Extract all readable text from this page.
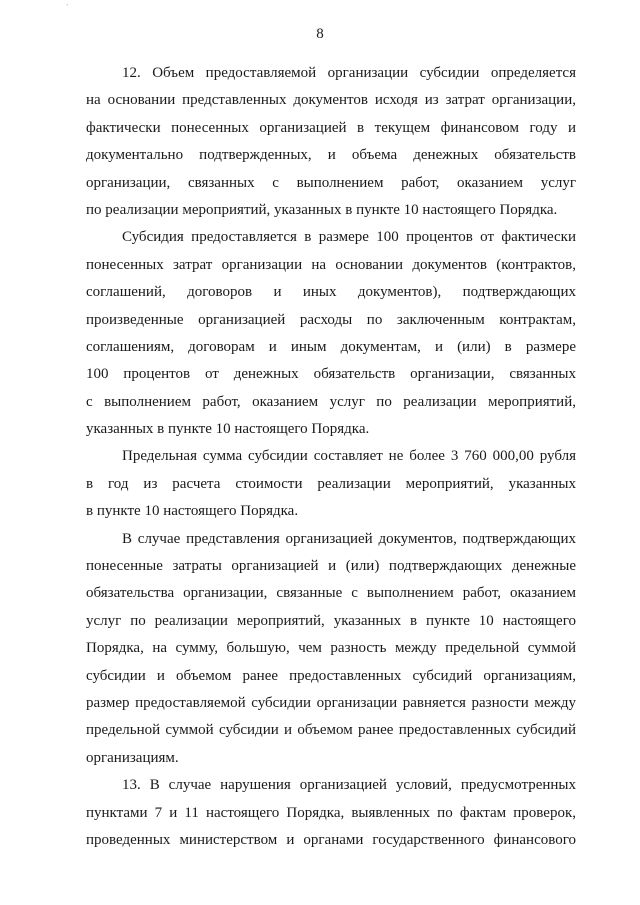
`
8
12. Объем предоставляемой организации субсидии определяется
на основании представленных документов исходя из затрат организации,
фактически понесенных организацией в текущем финансовом году и
документально подтвержденных, и объема денежных обязательств
организации, связанных с выполнением работ, оказанием услуг
по реализации мероприятий, указанных в пункте 10 настоящего Порядка.
Субсидия предоставляется в размере 100 процентов от фактически
понесенных затрат организации на основании документов (контрактов,
соглашений, договоров и иных документов), подтверждающих
произведенные организацией расходы по заключенным контрактам,
соглашениям, договорам и иным документам, и (или) в размере
100 процентов от денежных обязательств организации, связанных
с выполнением работ, оказанием услуг по реализации мероприятий,
указанных в пункте 10 настоящего Порядка.
Предельная сумма субсидии составляет не более 3 760 000,00 рубля
в год из расчета стоимости реализации мероприятий, указанных
в пункте 10 настоящего Порядка.
В случае представления организацией документов, подтверждающих
понесенные затраты организацией и (или) подтверждающих денежные
обязательства организации, связанные с выполнением работ, оказанием
услуг по реализации мероприятий, указанных в пункте 10 настоящего
Порядка, на сумму, большую, чем разность между предельной суммой
субсидии и объемом ранее предоставленных субсидий организациям,
размер предоставляемой субсидии организации равняется разности между
предельной суммой субсидии и объемом ранее предоставленных субсидий
организациям.
13. В случае нарушения организацией условий, предусмотренных
пунктами 7 и 11 настоящего Порядка, выявленных по фактам проверок,
проведенных министерством и органами государственного финансового
